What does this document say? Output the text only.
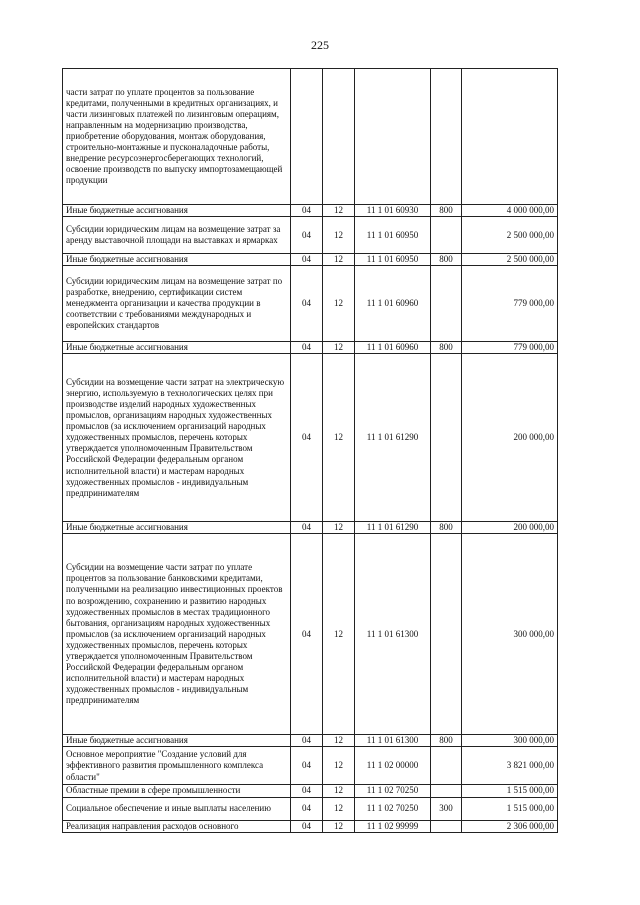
225
части затрат по уплате процентов за пользование кредитами, полученными в кредитных организациях, и части лизинговых платежей по лизинговым операциям, направленным на модернизацию производства, приобретение оборудования, монтаж оборудования, строительно-монтажные и пусконаладочные работы, внедрение ресурсоэнергосберегающих технологий, освоение производств по выпуску импортозамещающей продукции					
Иные бюджетные ассигнования	04	12	11 1 01 60930	800	4 000 000,00
Субсидии юридическим лицам на возмещение затрат за аренду выставочной площади на выставках и ярмарках	04	12	11 1 01 60950		2 500 000,00
Иные бюджетные ассигнования	04	12	11 1 01 60950	800	2 500 000,00
Субсидии юридическим лицам на возмещение затрат по разработке, внедрению, сертификации систем менеджмента организации и качества продукции в соответствии с требованиями международных и европейских стандартов	04	12	11 1 01 60960		779 000,00
Иные бюджетные ассигнования	04	12	11 1 01 60960	800	779 000,00
Субсидии на возмещение части затрат на электрическую энергию, используемую в технологических целях при производстве изделий народных художественных промыслов, организациям народных художественных промыслов (за исключением организаций народных художественных промыслов, перечень которых утверждается уполномоченным Правительством Российской Федерации федеральным органом исполнительной власти) и мастерам народных художественных промыслов - индивидуальным предпринимателям	04	12	11 1 01 61290		200 000,00
Иные бюджетные ассигнования	04	12	11 1 01 61290	800	200 000,00
Субсидии на возмещение части затрат по уплате процентов за пользование банковскими кредитами, полученными на реализацию инвестиционных проектов по возрождению, сохранению и развитию народных художественных промыслов в местах традиционного бытования, организациям народных художественных промыслов (за исключением организаций народных художественных промыслов, перечень которых утверждается уполномоченным Правительством Российской Федерации федеральным органом исполнительной власти) и мастерам народных художественных промыслов - индивидуальным предпринимателям	04	12	11 1 01 61300		300 000,00
Иные бюджетные ассигнования	04	12	11 1 01 61300	800	300 000,00
Основное мероприятие "Создание условий для эффективного развития промышленного комплекса области"	04	12	11 1 02 00000		3 821 000,00
Областные премии в сфере промышленности	04	12	11 1 02 70250		1 515 000,00
Социальное обеспечение и иные выплаты населению	04	12	11 1 02 70250	300	1 515 000,00
Реализация направления расходов основного	04	12	11 1 02 99999		2 306 000,00
